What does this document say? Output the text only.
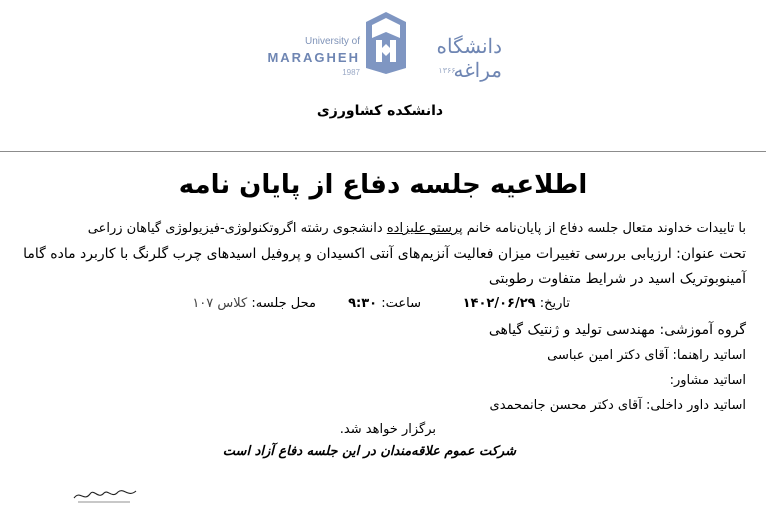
University of
MARAGHEH
1987
دانشگاه مراغه
۱۳۶۶
دانشکده کشاورزی
اطلاعیه جلسه دفاع از پایان نامه
با تاییدات خداوند متعال جلسه دفاع از پایان‌نامه خانم پرستو علیزاده دانشجوی رشته اگروتکنولوژی-فیزیولوژی گیاهان زراعی
تحت عنوان: ارزیابی بررسی تغییرات میزان فعالیت آنزیم‌های آنتی اکسیدان و پروفیل اسیدهای چرب گلرنگ با کاربرد ماده گاما
آمینوبوتریک اسید در شرایط متفاوت رطوبتی
تاریخ: ۱۴۰۲/۰۶/۲۹
ساعت: ۹:۳۰
محل جلسه: کلاس ۱۰۷
گروه آموزشی: مهندسی تولید و ژنتیک گیاهی
اساتید راهنما: آقای دکتر امین عباسی
اساتید مشاور:
اساتید داور داخلی: آقای دکتر محسن جانمحمدی
برگزار خواهد شد.
شرکت عموم علاقه‌مندان در این جلسه دفاع آزاد است
